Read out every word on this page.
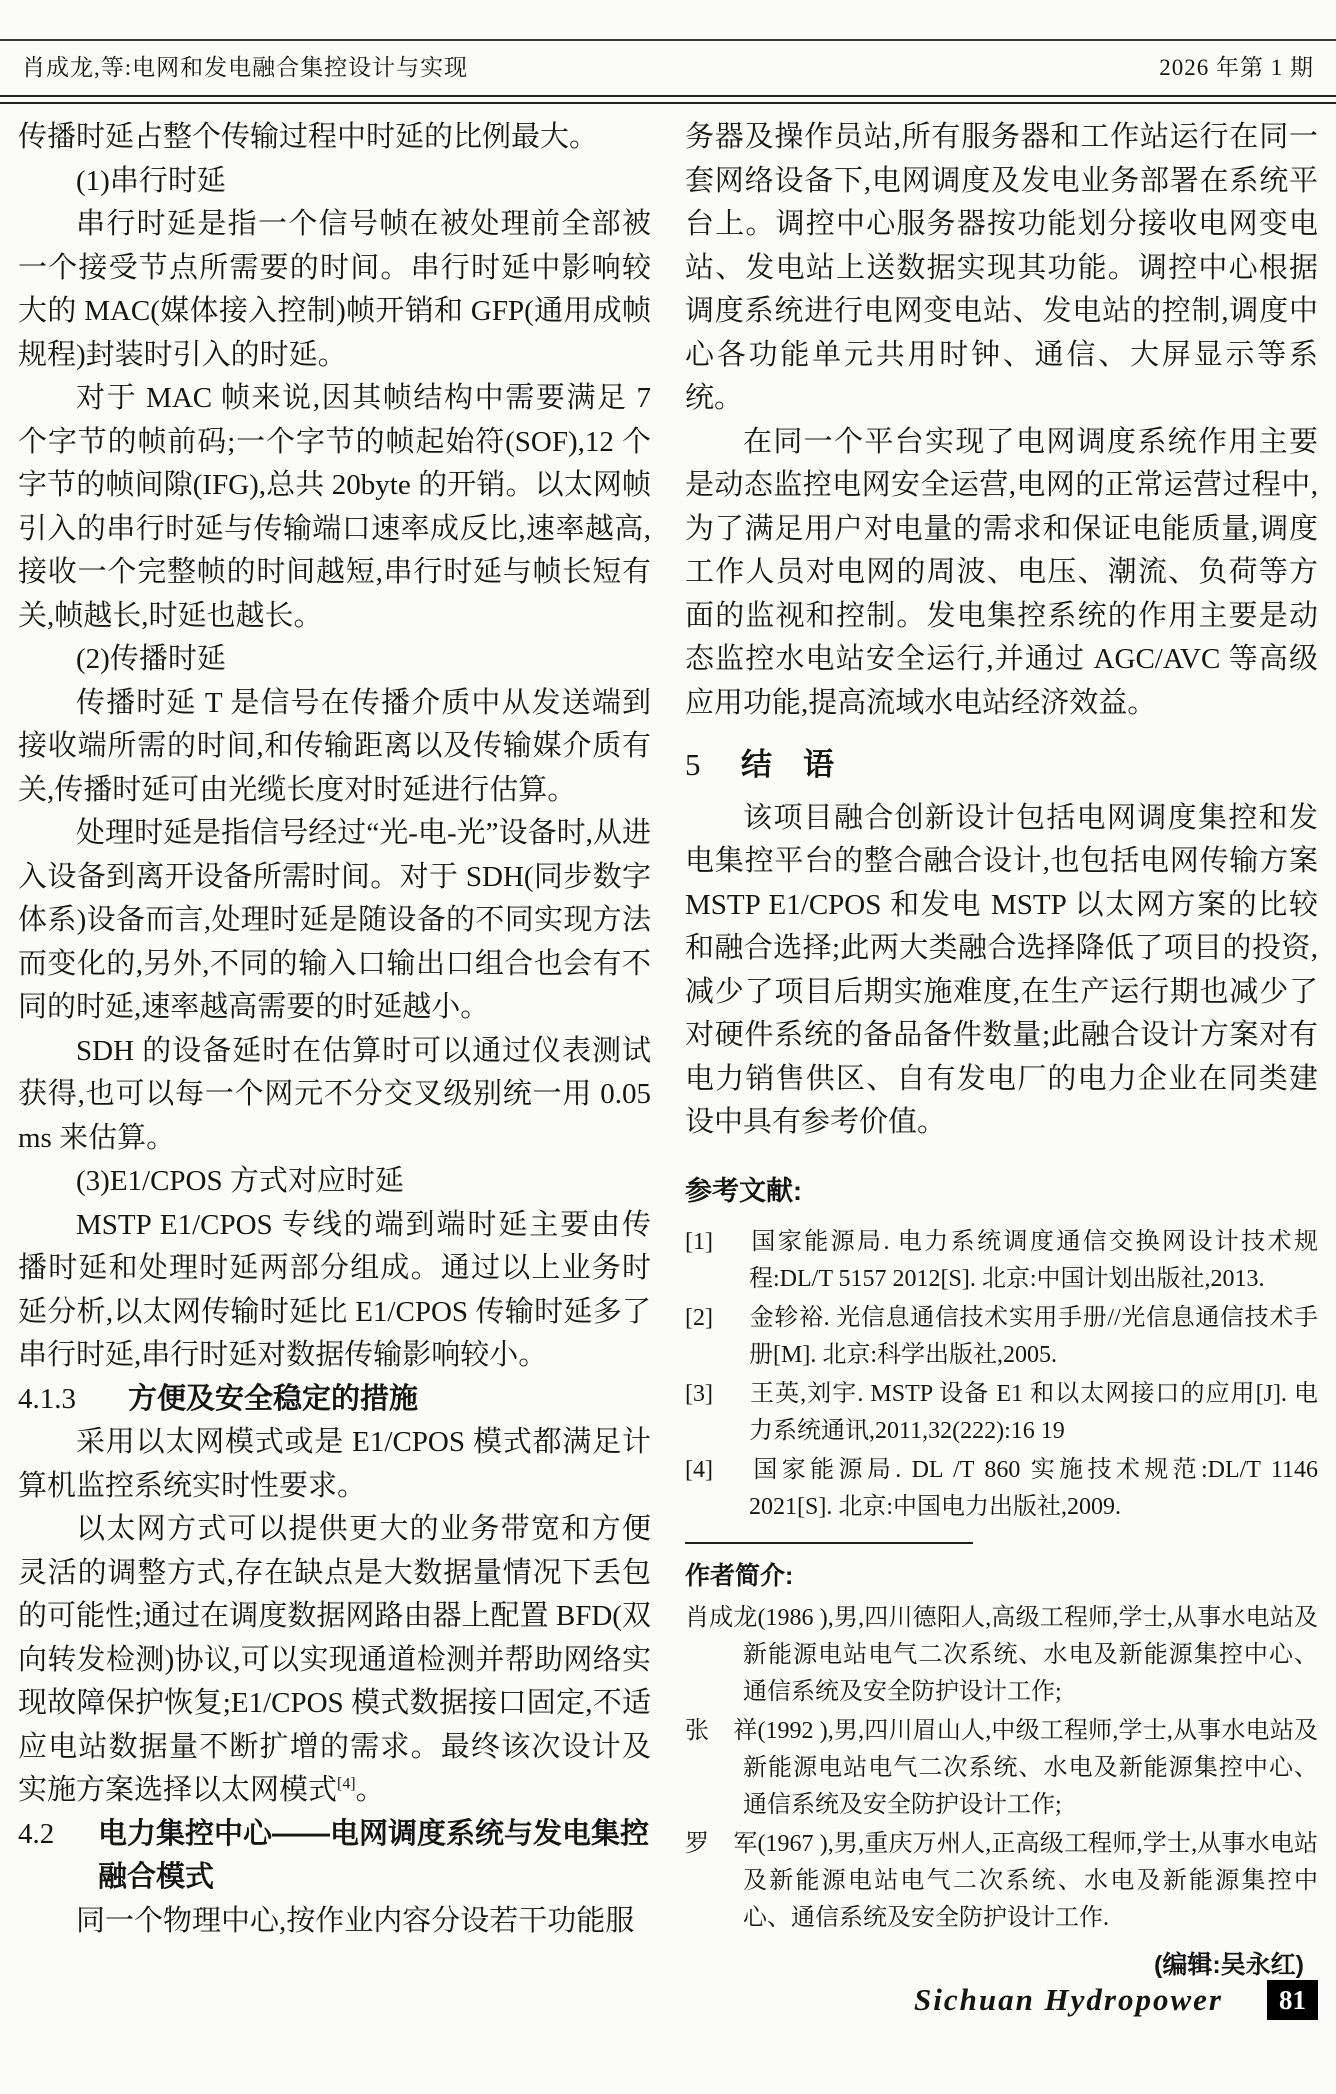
肖成龙,等:电网和发电融合集控设计与实现	2026 年第 1 期

传播时延占整个传输过程中时延的比例最大。

(1)串行时延

串行时延是指一个信号帧在被处理前全部被一个接受节点所需要的时间。串行时延中影响较大的 MAC(媒体接入控制)帧开销和 GFP(通用成帧规程)封装时引入的时延。

对于 MAC 帧来说,因其帧结构中需要满足 7 个字节的帧前码;一个字节的帧起始符(SOF),12 个字节的帧间隙(IFG),总共 20byte 的开销。以太网帧引入的串行时延与传输端口速率成反比,速率越高,接收一个完整帧的时间越短,串行时延与帧长短有关,帧越长,时延也越长。

(2)传播时延

传播时延 T 是信号在传播介质中从发送端到接收端所需的时间,和传输距离以及传输媒介质有关,传播时延可由光缆长度对时延进行估算。

处理时延是指信号经过“光-电-光”设备时,从进入设备到离开设备所需时间。对于 SDH(同步数字体系)设备而言,处理时延是随设备的不同实现方法而变化的,另外,不同的输入口输出口组合也会有不同的时延,速率越高需要的时延越小。

SDH 的设备延时在估算时可以通过仪表测试获得,也可以每一个网元不分交叉级别统一用 0.05 ms 来估算。

(3)E1/CPOS 方式对应时延

MSTP E1/CPOS 专线的端到端时延主要由传播时延和处理时延两部分组成。通过以上业务时延分析,以太网传输时延比 E1/CPOS 传输时延多了串行时延,串行时延对数据传输影响较小。

4.1.3 方便及安全稳定的措施

采用以太网模式或是 E1/CPOS 模式都满足计算机监控系统实时性要求。

以太网方式可以提供更大的业务带宽和方便灵活的调整方式,存在缺点是大数据量情况下丢包的可能性;通过在调度数据网路由器上配置 BFD(双向转发检测)协议,可以实现通道检测并帮助网络实现故障保护恢复;E1/CPOS 模式数据接口固定,不适应电站数据量不断扩增的需求。最终该次设计及实施方案选择以太网模式[4]。

4.2 电力集控中心——电网调度系统与发电集控融合模式

同一个物理中心,按作业内容分设若干功能服

务器及操作员站,所有服务器和工作站运行在同一套网络设备下,电网调度及发电业务部署在系统平台上。调控中心服务器按功能划分接收电网变电站、发电站上送数据实现其功能。调控中心根据调度系统进行电网变电站、发电站的控制,调度中心各功能单元共用时钟、通信、大屏显示等系统。

在同一个平台实现了电网调度系统作用主要是动态监控电网安全运营,电网的正常运营过程中,为了满足用户对电量的需求和保证电能质量,调度工作人员对电网的周波、电压、潮流、负荷等方面的监视和控制。发电集控系统的作用主要是动态监控水电站安全运行,并通过 AGC/AVC 等高级应用功能,提高流域水电站经济效益。

5 结　语

该项目融合创新设计包括电网调度集控和发电集控平台的整合融合设计,也包括电网传输方案 MSTP E1/CPOS 和发电 MSTP 以太网方案的比较和融合选择;此两大类融合选择降低了项目的投资,减少了项目后期实施难度,在生产运行期也减少了对硬件系统的备品备件数量;此融合设计方案对有电力销售供区、自有发电厂的电力企业在同类建设中具有参考价值。

参考文献:

[1] 国家能源局. 电力系统调度通信交换网设计技术规程:DL/T 5157 2012[S]. 北京:中国计划出版社,2013.

[2] 金轸裕. 光信息通信技术实用手册//光信息通信技术手册[M]. 北京:科学出版社,2005.

[3] 王英,刘宇. MSTP 设备 E1 和以太网接口的应用[J]. 电力系统通讯,2011,32(222):16 19

[4] 国家能源局. DL /T 860 实施技术规范:DL/T 1146 2021[S]. 北京:中国电力出版社,2009.

作者简介:

肖成龙(1986 ),男,四川德阳人,高级工程师,学士,从事水电站及新能源电站电气二次系统、水电及新能源集控中心、通信系统及安全防护设计工作;

张　祥(1992 ),男,四川眉山人,中级工程师,学士,从事水电站及新能源电站电气二次系统、水电及新能源集控中心、通信系统及安全防护设计工作;

罗　军(1967 ),男,重庆万州人,正高级工程师,学士,从事水电站及新能源电站电气二次系统、水电及新能源集控中心、通信系统及安全防护设计工作.

(编辑:吴永红)

Sichuan Hydropower	81
